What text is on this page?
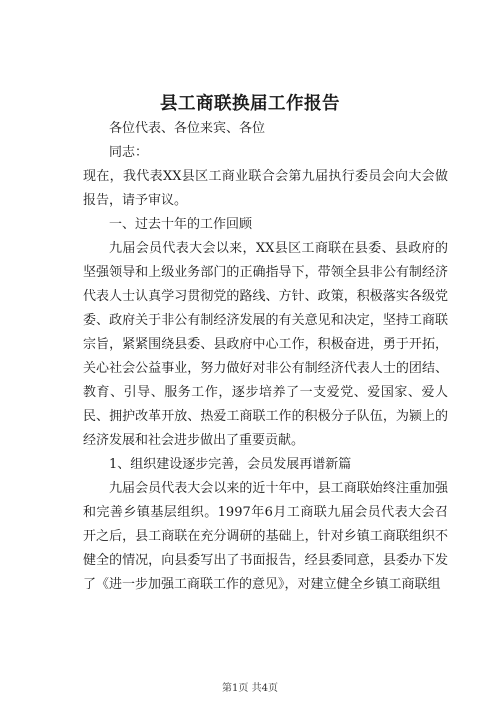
县工商联换届工作报告

各位代表、各位来宾、各位

同志：

现在，我代表XX县区工商业联合会第九届执行委员会向大会做报告，请予审议。

一、过去十年的工作回顾

九届会员代表大会以来，XX县区工商联在县委、县政府的坚强领导和上级业务部门的正确指导下，带领全县非公有制经济代表人士认真学习贯彻党的路线、方针、政策，积极落实各级党委、政府关于非公有制经济发展的有关意见和决定，坚持工商联宗旨，紧紧围绕县委、县政府中心工作，积极奋进，勇于开拓，关心社会公益事业，努力做好对非公有制经济代表人士的团结、教育、引导、服务工作，逐步培养了一支爱党、爱国家、爱人民、拥护改革开放、热爱工商联工作的积极分子队伍，为颍上的经济发展和社会进步做出了重要贡献。

1、组织建设逐步完善，会员发展再谱新篇

九届会员代表大会以来的近十年中，县工商联始终注重加强和完善乡镇基层组织。1997年6月工商联九届会员代表大会召开之后，县工商联在充分调研的基础上，针对乡镇工商联组织不健全的情况，向县委写出了书面报告，经县委同意，县委办下发了《进一步加强工商联工作的意见》，对建立健全乡镇工商联组

第1页 共4页
